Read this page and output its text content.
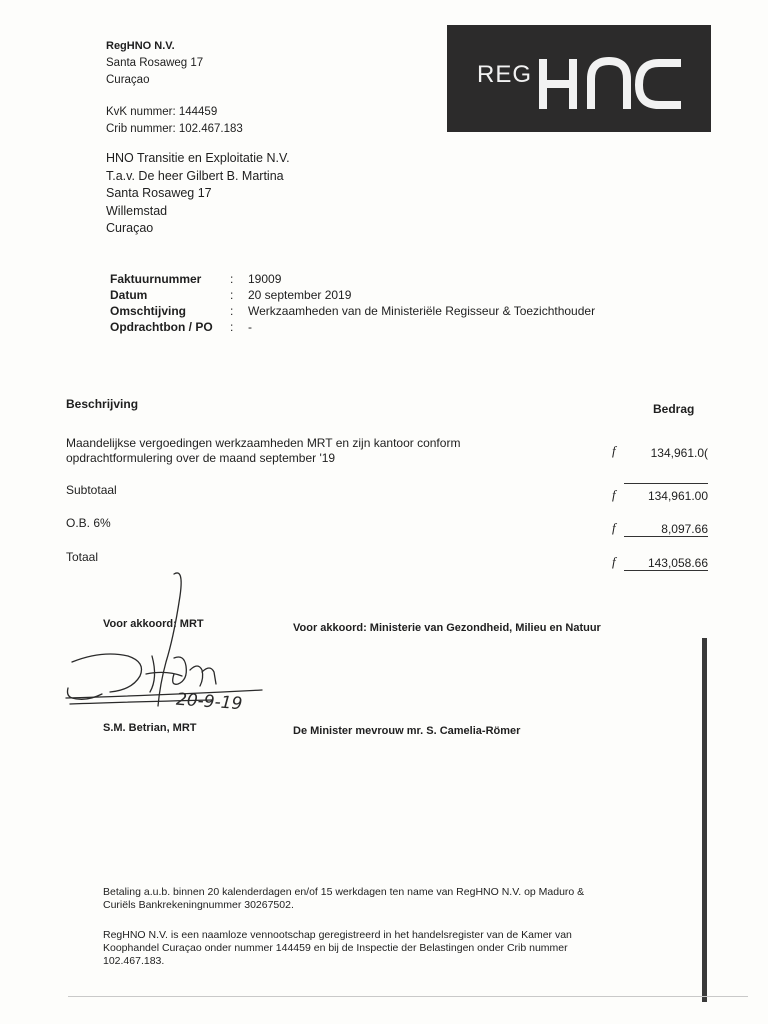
RegHNO N.V.
Santa Rosaweg 17
Curaçao
KvK nummer: 144459
Crib nummer: 102.467.183
REG
HNO Transitie en Exploitatie N.V.
T.a.v. De heer Gilbert B. Martina
Santa Rosaweg 17
Willemstad
Curaçao
Faktuurnummer	:	19009
Datum	:	20 september 2019
Omschtijving	:	Werkzaamheden van de Ministeriële Regisseur & Toezichthouder
Opdrachtbon / PO	:	-
Beschrijving	Bedrag
Maandelijkse vergoedingen werkzaamheden MRT en zijn kantoor conform
opdrachtformulering over de maand september '19	f	134,961.0(
Subtotaal	f	134,961.00
O.B. 6%	f	8,097.66
Totaal	f	143,058.66
Voor akkoord: MRT	Voor akkoord: Ministerie van Gezondheid, Milieu en Natuur
20-9-19
S.M. Betrian, MRT	De Minister mevrouw mr. S. Camelia-Römer
Betaling a.u.b. binnen 20 kalenderdagen en/of 15 werkdagen ten name van RegHNO N.V. op Maduro &
Curiëls Bankrekeningnummer 30267502.
RegHNO N.V. is een naamloze vennootschap geregistreerd in het handelsregister van de Kamer van
Koophandel Curaçao onder nummer 144459 en bij de Inspectie der Belastingen onder Crib nummer
102.467.183.
